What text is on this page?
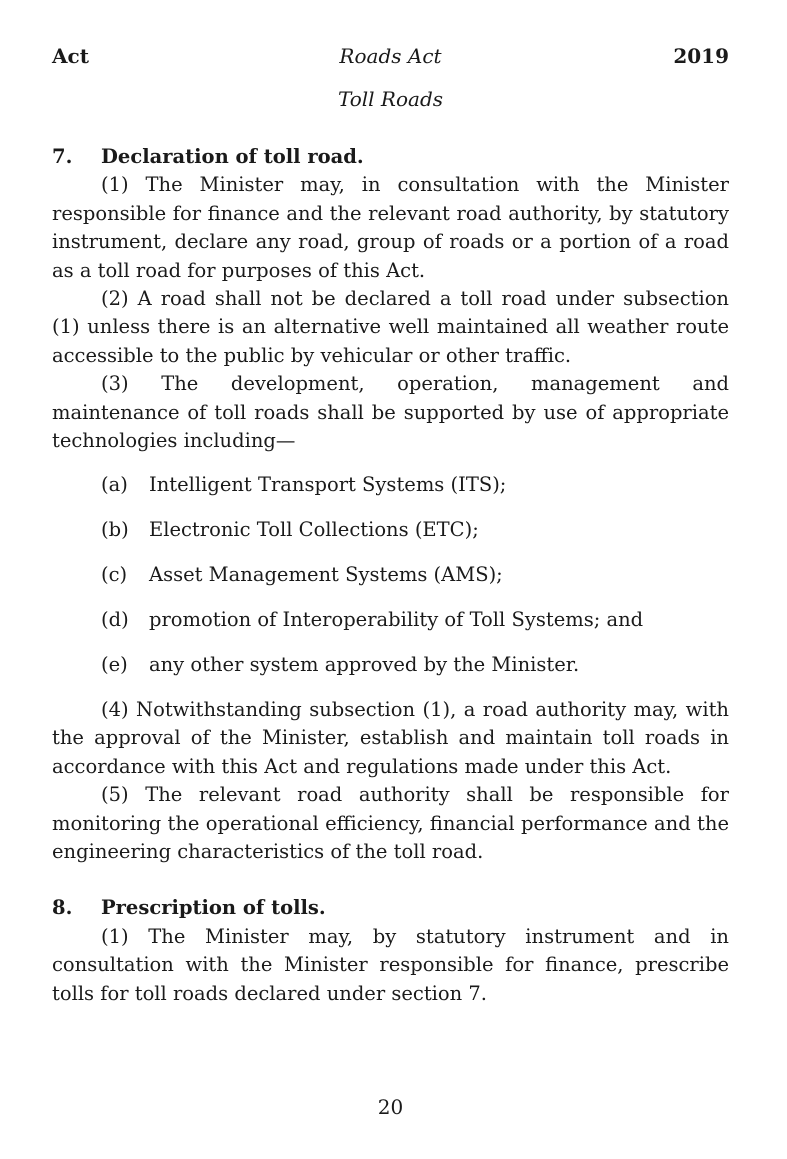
Act	Roads Act	2019
Toll Roads
7. Declaration of toll road.

(1) The Minister may, in consultation with the Minister responsible for finance and the relevant road authority, by statutory instrument, declare any road, group of roads or a portion of a road as a toll road for purposes of this Act.

(2) A road shall not be declared a toll road under subsection (1) unless there is an alternative well maintained all weather route accessible to the public by vehicular or other traffic.

(3) The development, operation, management and maintenance of toll roads shall be supported by use of appropriate technologies including—

(a) Intelligent Transport Systems (ITS);
(b) Electronic Toll Collections (ETC);
(c) Asset Management Systems (AMS);
(d) promotion of Interoperability of Toll Systems; and
(e) any other system approved by the Minister.

(4) Notwithstanding subsection (1), a road authority may, with the approval of the Minister, establish and maintain toll roads in accordance with this Act and regulations made under this Act.

(5) The relevant road authority shall be responsible for monitoring the operational efficiency, financial performance and the engineering characteristics of the toll road.

8. Prescription of tolls.

(1) The Minister may, by statutory instrument and in consultation with the Minister responsible for finance, prescribe tolls for toll roads declared under section 7.

20
